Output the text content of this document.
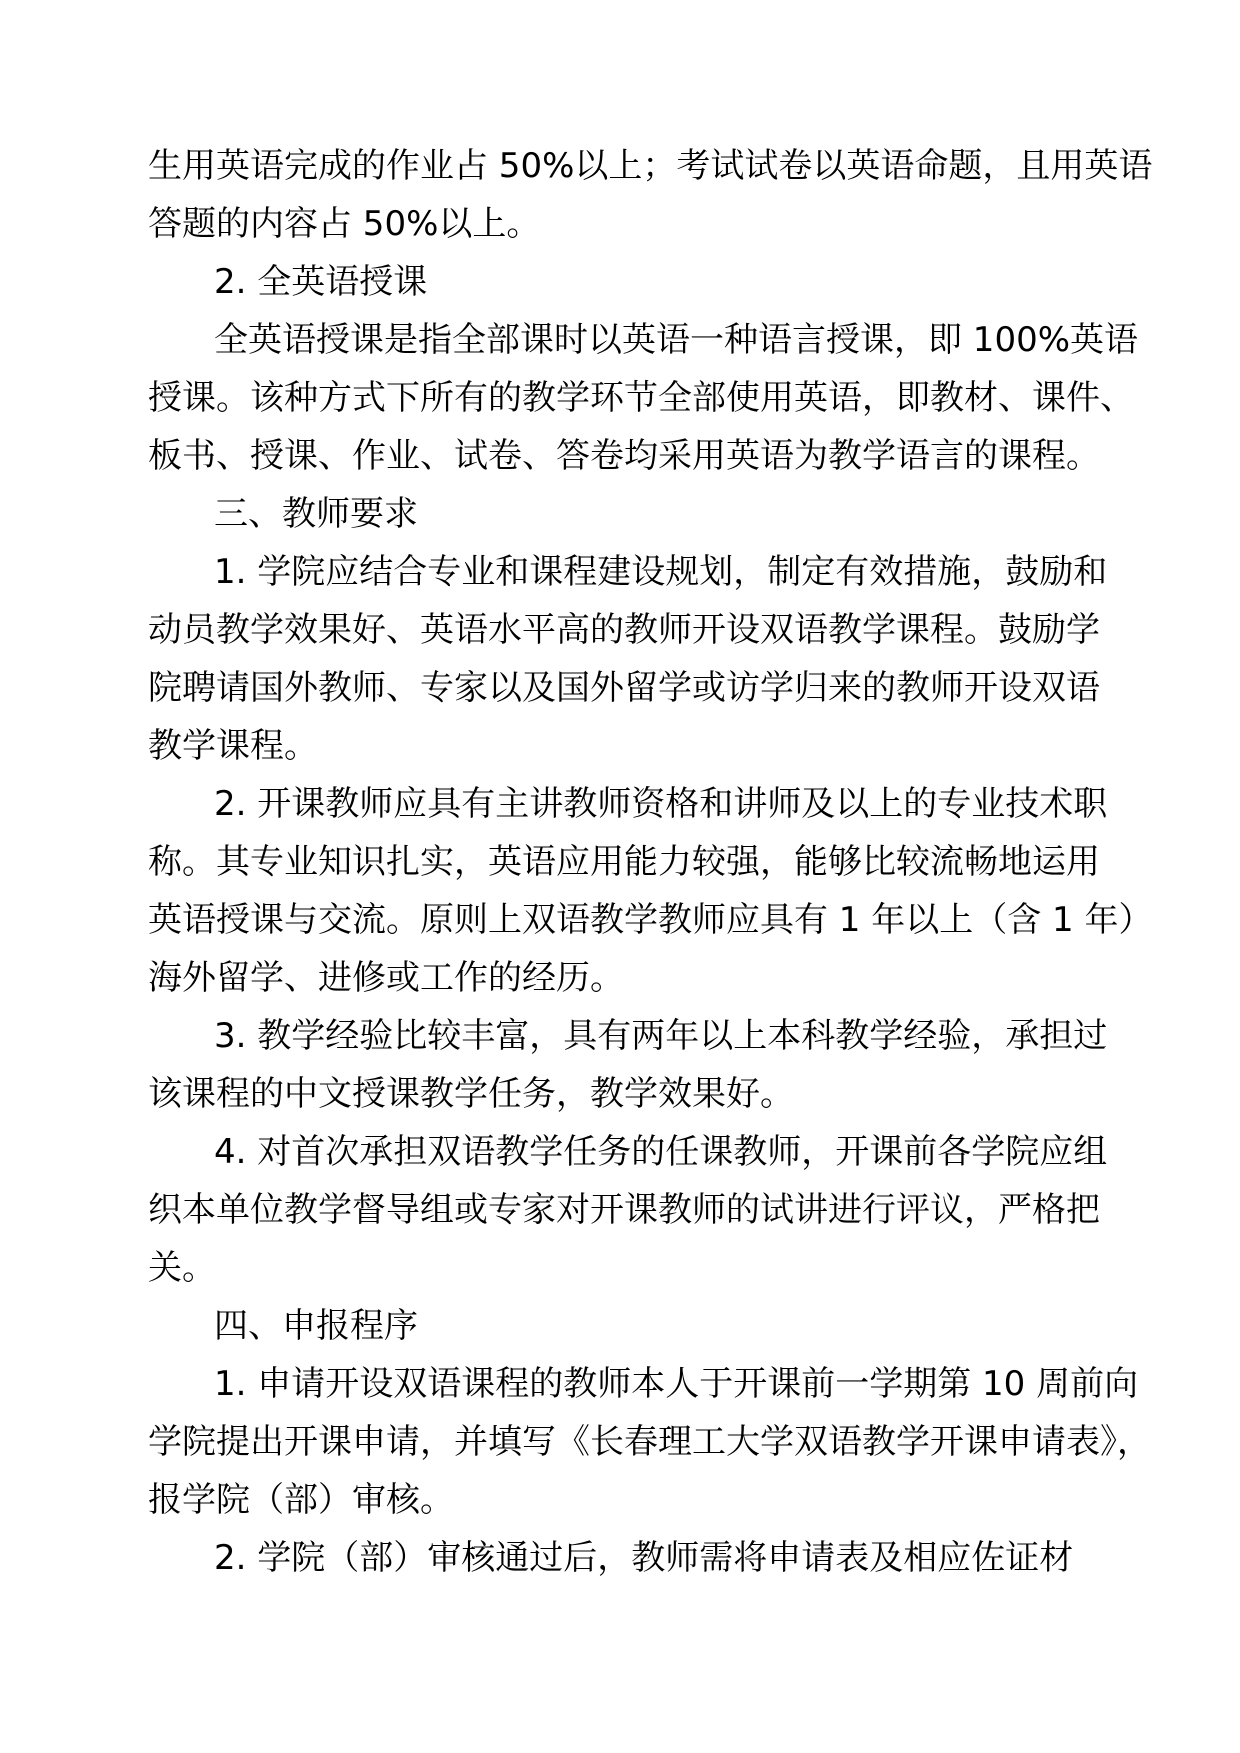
生用英语完成的作业占 50%以上；考试试卷以英语命题，且用英语
答题的内容占 50%以上。
2. 全英语授课
全英语授课是指全部课时以英语一种语言授课，即 100%英语
授课。该种方式下所有的教学环节全部使用英语，即教材、课件、
板书、授课、作业、试卷、答卷均采用英语为教学语言的课程。
三、教师要求
1. 学院应结合专业和课程建设规划，制定有效措施，鼓励和
动员教学效果好、英语水平高的教师开设双语教学课程。鼓励学
院聘请国外教师、专家以及国外留学或访学归来的教师开设双语
教学课程。
2. 开课教师应具有主讲教师资格和讲师及以上的专业技术职
称。其专业知识扎实，英语应用能力较强，能够比较流畅地运用
英语授课与交流。原则上双语教学教师应具有 1 年以上（含 1 年）
海外留学、进修或工作的经历。
3. 教学经验比较丰富，具有两年以上本科教学经验，承担过
该课程的中文授课教学任务，教学效果好。
4. 对首次承担双语教学任务的任课教师，开课前各学院应组
织本单位教学督导组或专家对开课教师的试讲进行评议，严格把
关。
四、申报程序
1. 申请开设双语课程的教师本人于开课前一学期第 10 周前向
学院提出开课申请，并填写《长春理工大学双语教学开课申请表》，
报学院（部）审核。
2. 学院（部）审核通过后，教师需将申请表及相应佐证材
